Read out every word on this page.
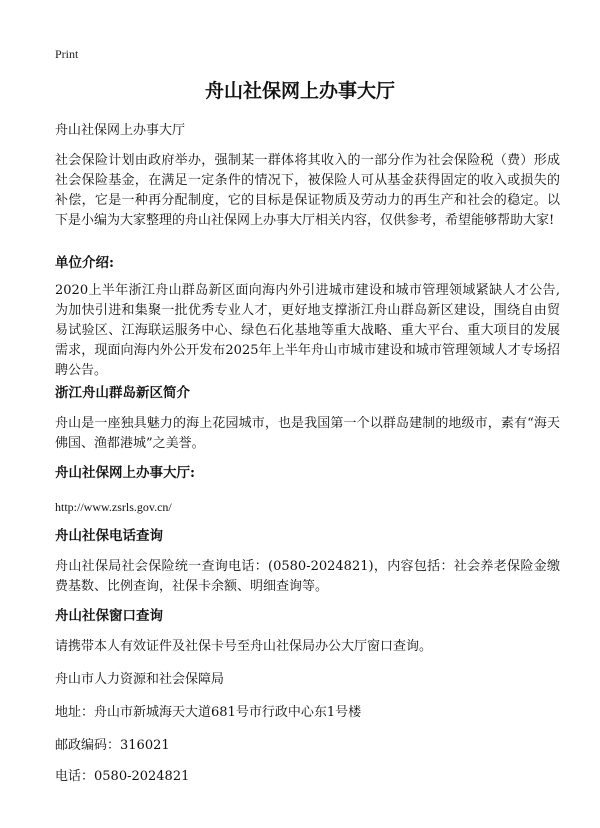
Print
舟山社保网上办事大厅
舟山社保网上办事大厅
社会保险计划由政府举办，强制某一群体将其收入的一部分作为社会保险税（费）形成社会保险基金，在满足一定条件的情况下，被保险人可从基金获得固定的收入或损失的补偿，它是一种再分配制度，它的目标是保证物质及劳动力的再生产和社会的稳定。以下是小编为大家整理的舟山社保网上办事大厅相关内容，仅供参考，希望能够帮助大家!
单位介绍:
2020上半年浙江舟山群岛新区面向海内外引进城市建设和城市管理领域紧缺人才公告,为加快引进和集聚一批优秀专业人才，更好地支撑浙江舟山群岛新区建设，围绕自由贸易试验区、江海联运服务中心、绿色石化基地等重大战略、重大平台、重大项目的发展需求，现面向海内外公开发布2025年上半年舟山市城市建设和城市管理领域人才专场招聘公告。
浙江舟山群岛新区简介
舟山是一座独具魅力的海上花园城市，也是我国第一个以群岛建制的地级市，素有“海天佛国、渔都港城”之美誉。
舟山社保网上办事大厅:
http://www.zsrls.gov.cn/
舟山社保电话查询
舟山社保局社会保险统一查询电话：(0580-2024821)，内容包括：社会养老保险金缴费基数、比例查询，社保卡余额、明细查询等。
舟山社保窗口查询
请携带本人有效证件及社保卡号至舟山社保局办公大厅窗口查询。
舟山市人力资源和社会保障局
地址：舟山市新城海天大道681号市行政中心东1号楼
邮政编码：316021
电话：0580-2024821
